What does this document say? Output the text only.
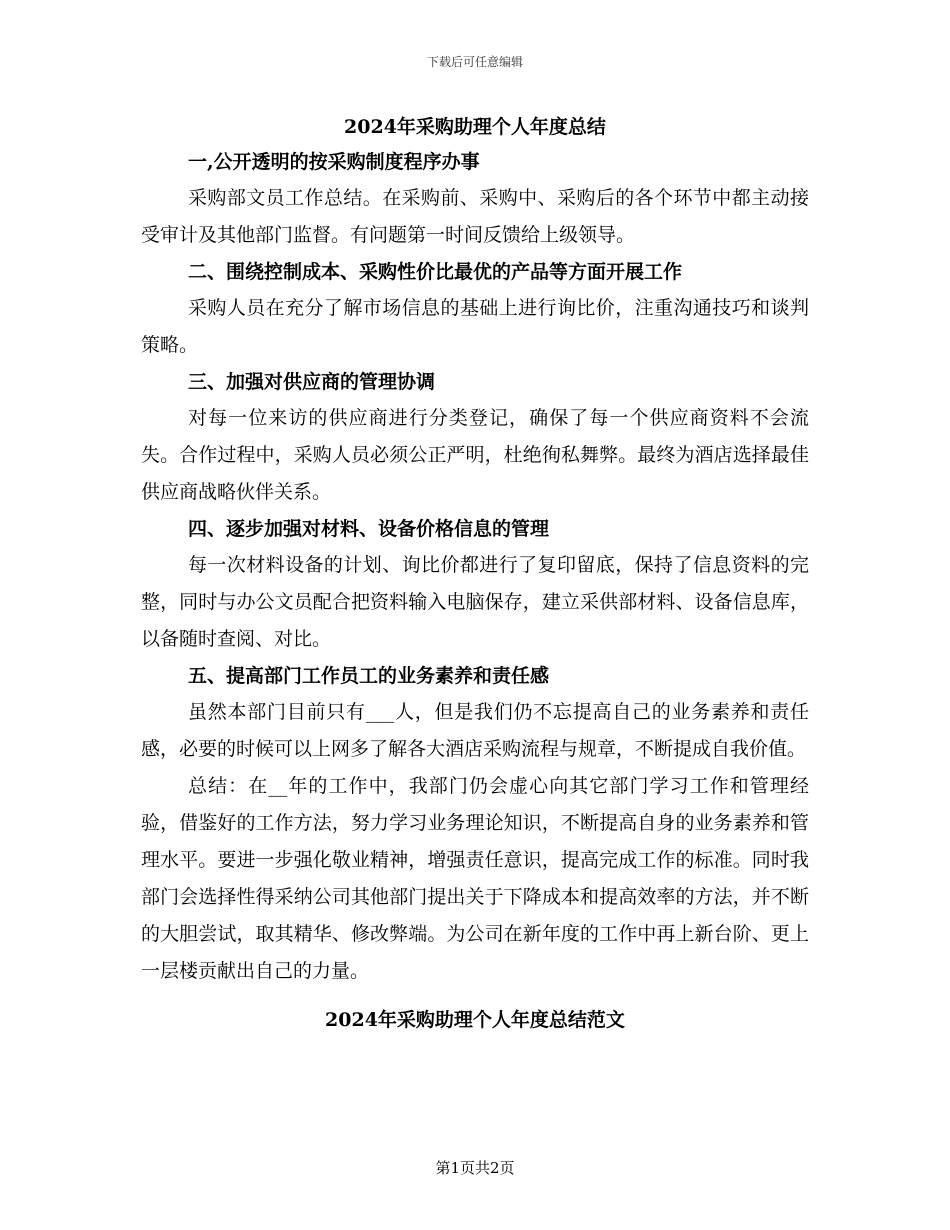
下载后可任意编辑
2024年采购助理个人年度总结
一,公开透明的按采购制度程序办事

采购部文员工作总结。在采购前、采购中、采购后的各个环节中都主动接受审计及其他部门监督。有问题第一时间反馈给上级领导。

二、围绕控制成本、采购性价比最优的产品等方面开展工作

采购人员在充分了解市场信息的基础上进行询比价，注重沟通技巧和谈判策略。

三、加强对供应商的管理协调

对每一位来访的供应商进行分类登记，确保了每一个供应商资料不会流失。合作过程中，采购人员必须公正严明，杜绝徇私舞弊。最终为酒店选择最佳供应商战略伙伴关系。

四、逐步加强对材料、设备价格信息的管理

每一次材料设备的计划、询比价都进行了复印留底，保持了信息资料的完整，同时与办公文员配合把资料输入电脑保存，建立采供部材料、设备信息库，以备随时查阅、对比。

五、提高部门工作员工的业务素养和责任感

虽然本部门目前只有___人，但是我们仍不忘提高自己的业务素养和责任感，必要的时候可以上网多了解各大酒店采购流程与规章，不断提成自我价值。

总结：在__年的工作中，我部门仍会虚心向其它部门学习工作和管理经验，借鉴好的工作方法，努力学习业务理论知识，不断提高自身的业务素养和管理水平。要进一步强化敬业精神，增强责任意识，提高完成工作的标准。同时我部门会选择性得采纳公司其他部门提出关于下降成本和提高效率的方法，并不断的大胆尝试，取其精华、修改弊端。为公司在新年度的工作中再上新台阶、更上一层楼贡献出自己的力量。

2024年采购助理个人年度总结范文
第1页共2页
